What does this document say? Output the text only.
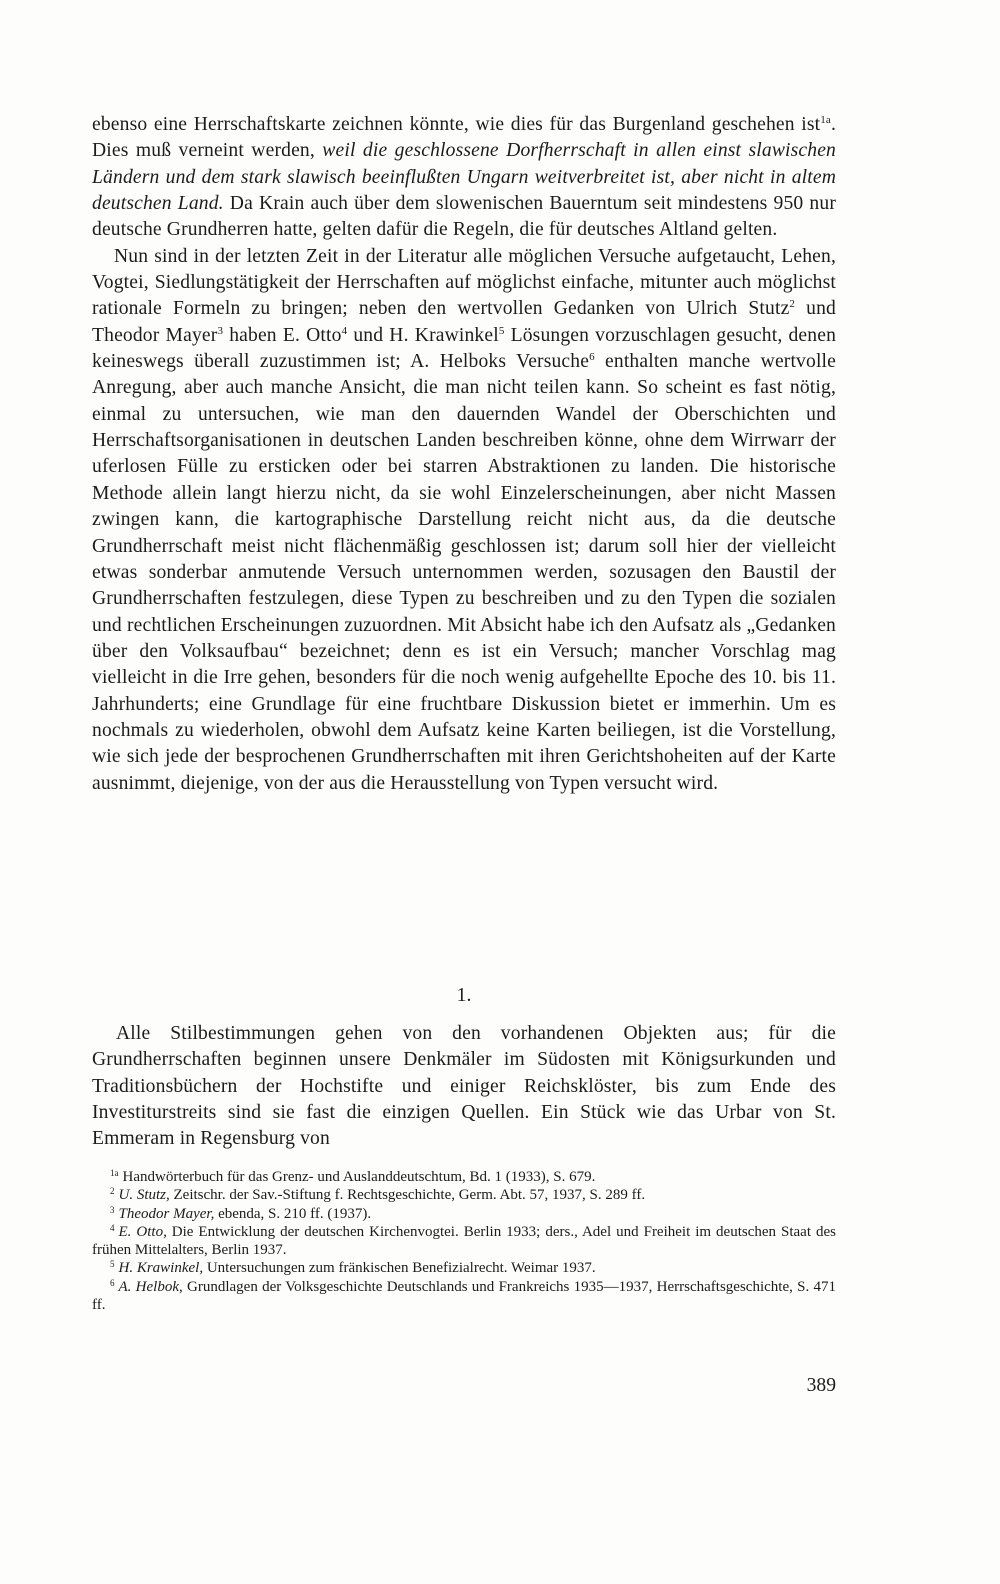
ebenso eine Herrschaftskarte zeichnen könnte, wie dies für das Burgenland geschehen ist$^{1a}$. Dies muß verneint werden, weil die geschlossene Dorfherrschaft in allen einst slawischen Ländern und dem stark slawisch beeinflußten Ungarn weitverbreitet ist, aber nicht in altem deutschen Land. Da Krain auch über dem slowenischen Bauerntum seit mindestens 950 nur deutsche Grundherren hatte, gelten dafür die Regeln, die für deutsches Altland gelten.

Nun sind in der letzten Zeit in der Literatur alle möglichen Versuche aufgetaucht, Lehen, Vogtei, Siedlungstätigkeit der Herrschaften auf möglichst einfache, mitunter auch möglichst rationale Formeln zu bringen; neben den wertvollen Gedanken von Ulrich Stutz$^2$ und Theodor Mayer$^3$ haben E. Otto$^4$ und H. Krawinkel$^5$ Lösungen vorzuschlagen gesucht, denen keineswegs überall zuzustimmen ist; A. Helboks Versuche$^6$ enthalten manche wertvolle Anregung, aber auch manche Ansicht, die man nicht teilen kann. So scheint es fast nötig, einmal zu untersuchen, wie man den dauernden Wandel der Oberschichten und Herrschaftsorganisationen in deutschen Landen beschreiben könne, ohne dem Wirrwarr der uferlosen Fülle zu ersticken oder bei starren Abstraktionen zu landen. Die historische Methode allein langt hierzu nicht, da sie wohl Einzelerscheinungen, aber nicht Massen zwingen kann, die kartographische Darstellung reicht nicht aus, da die deutsche Grundherrschaft meist nicht flächenmäßig geschlossen ist; darum soll hier der vielleicht etwas sonderbar anmutende Versuch unternommen werden, sozusagen den Baustil der Grundherrschaften festzulegen, diese Typen zu beschreiben und zu den Typen die sozialen und rechtlichen Erscheinungen zuzuordnen. Mit Absicht habe ich den Aufsatz als „Gedanken über den Volksaufbau“ bezeichnet; denn es ist ein Versuch; mancher Vorschlag mag vielleicht in die Irre gehen, besonders für die noch wenig aufgehellte Epoche des 10. bis 11. Jahrhunderts; eine Grundlage für eine fruchtbare Diskussion bietet er immerhin. Um es nochmals zu wiederholen, obwohl dem Aufsatz keine Karten beiliegen, ist die Vorstellung, wie sich jede der besprochenen Grundherrschaften mit ihren Gerichtshoheiten auf der Karte ausnimmt, diejenige, von der aus die Herausstellung von Typen versucht wird.

1.

Alle Stilbestimmungen gehen von den vorhandenen Objekten aus; für die Grundherrschaften beginnen unsere Denkmäler im Südosten mit Königsurkunden und Traditionsbüchern der Hochstifte und einiger Reichsklöster, bis zum Ende des Investiturstreits sind sie fast die einzigen Quellen. Ein Stück wie das Urbar von St. Emmeram in Regensburg von

$^{1a}$ Handwörterbuch für das Grenz- und Auslanddeutschtum, Bd. 1 (1933), S. 679.

$^2$ U. Stutz, Zeitschr. der Sav.-Stiftung f. Rechtsgeschichte, Germ. Abt. 57, 1937, S. 289 ff.

$^3$ Theodor Mayer, ebenda, S. 210 ff. (1937).

$^4$ E. Otto, Die Entwicklung der deutschen Kirchenvogtei. Berlin 1933; ders., Adel und Freiheit im deutschen Staat des frühen Mittelalters, Berlin 1937.

$^5$ H. Krawinkel, Untersuchungen zum fränkischen Benefizialrecht. Weimar 1937.

$^6$ A. Helbok, Grundlagen der Volksgeschichte Deutschlands und Frankreichs 1935—1937, Herrschaftsgeschichte, S. 471 ff.

389
